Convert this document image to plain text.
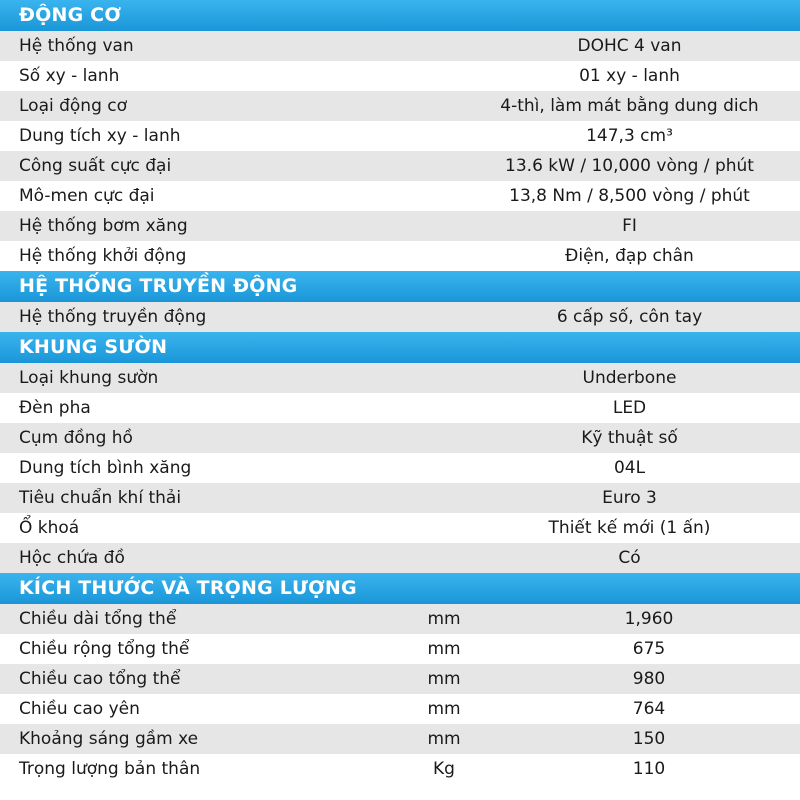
ĐỘNG CƠ
Hệ thống van	DOHC 4 van
Số xy - lanh	01 xy - lanh
Loại động cơ	4-thì, làm mát bằng dung dich
Dung tích xy - lanh	147,3 cm³
Công suất cực đại	13.6 kW / 10,000 vòng / phút
Mô-men cực đại	13,8 Nm / 8,500 vòng / phút
Hệ thống bơm xăng	FI
Hệ thống khởi động	Điện, đạp chân
HỆ THỐNG TRUYỀN ĐỘNG
Hệ thống truyền động	6 cấp số, côn tay
KHUNG SƯỜN
Loại khung sườn	Underbone
Đèn pha	LED
Cụm đồng hồ	Kỹ thuật số
Dung tích bình xăng	04L
Tiêu chuẩn khí thải	Euro 3
Ổ khoá	Thiết kế mới (1 ấn)
Hộc chứa đồ	Có
KÍCH THƯỚC VÀ TRỌNG LƯỢNG
Chiều dài tổng thể	mm	1,960
Chiều rộng tổng thể	mm	675
Chiều cao tổng thể	mm	980
Chiều cao yên	mm	764
Khoảng sáng gầm xe	mm	150
Trọng lượng bản thân	Kg	110
